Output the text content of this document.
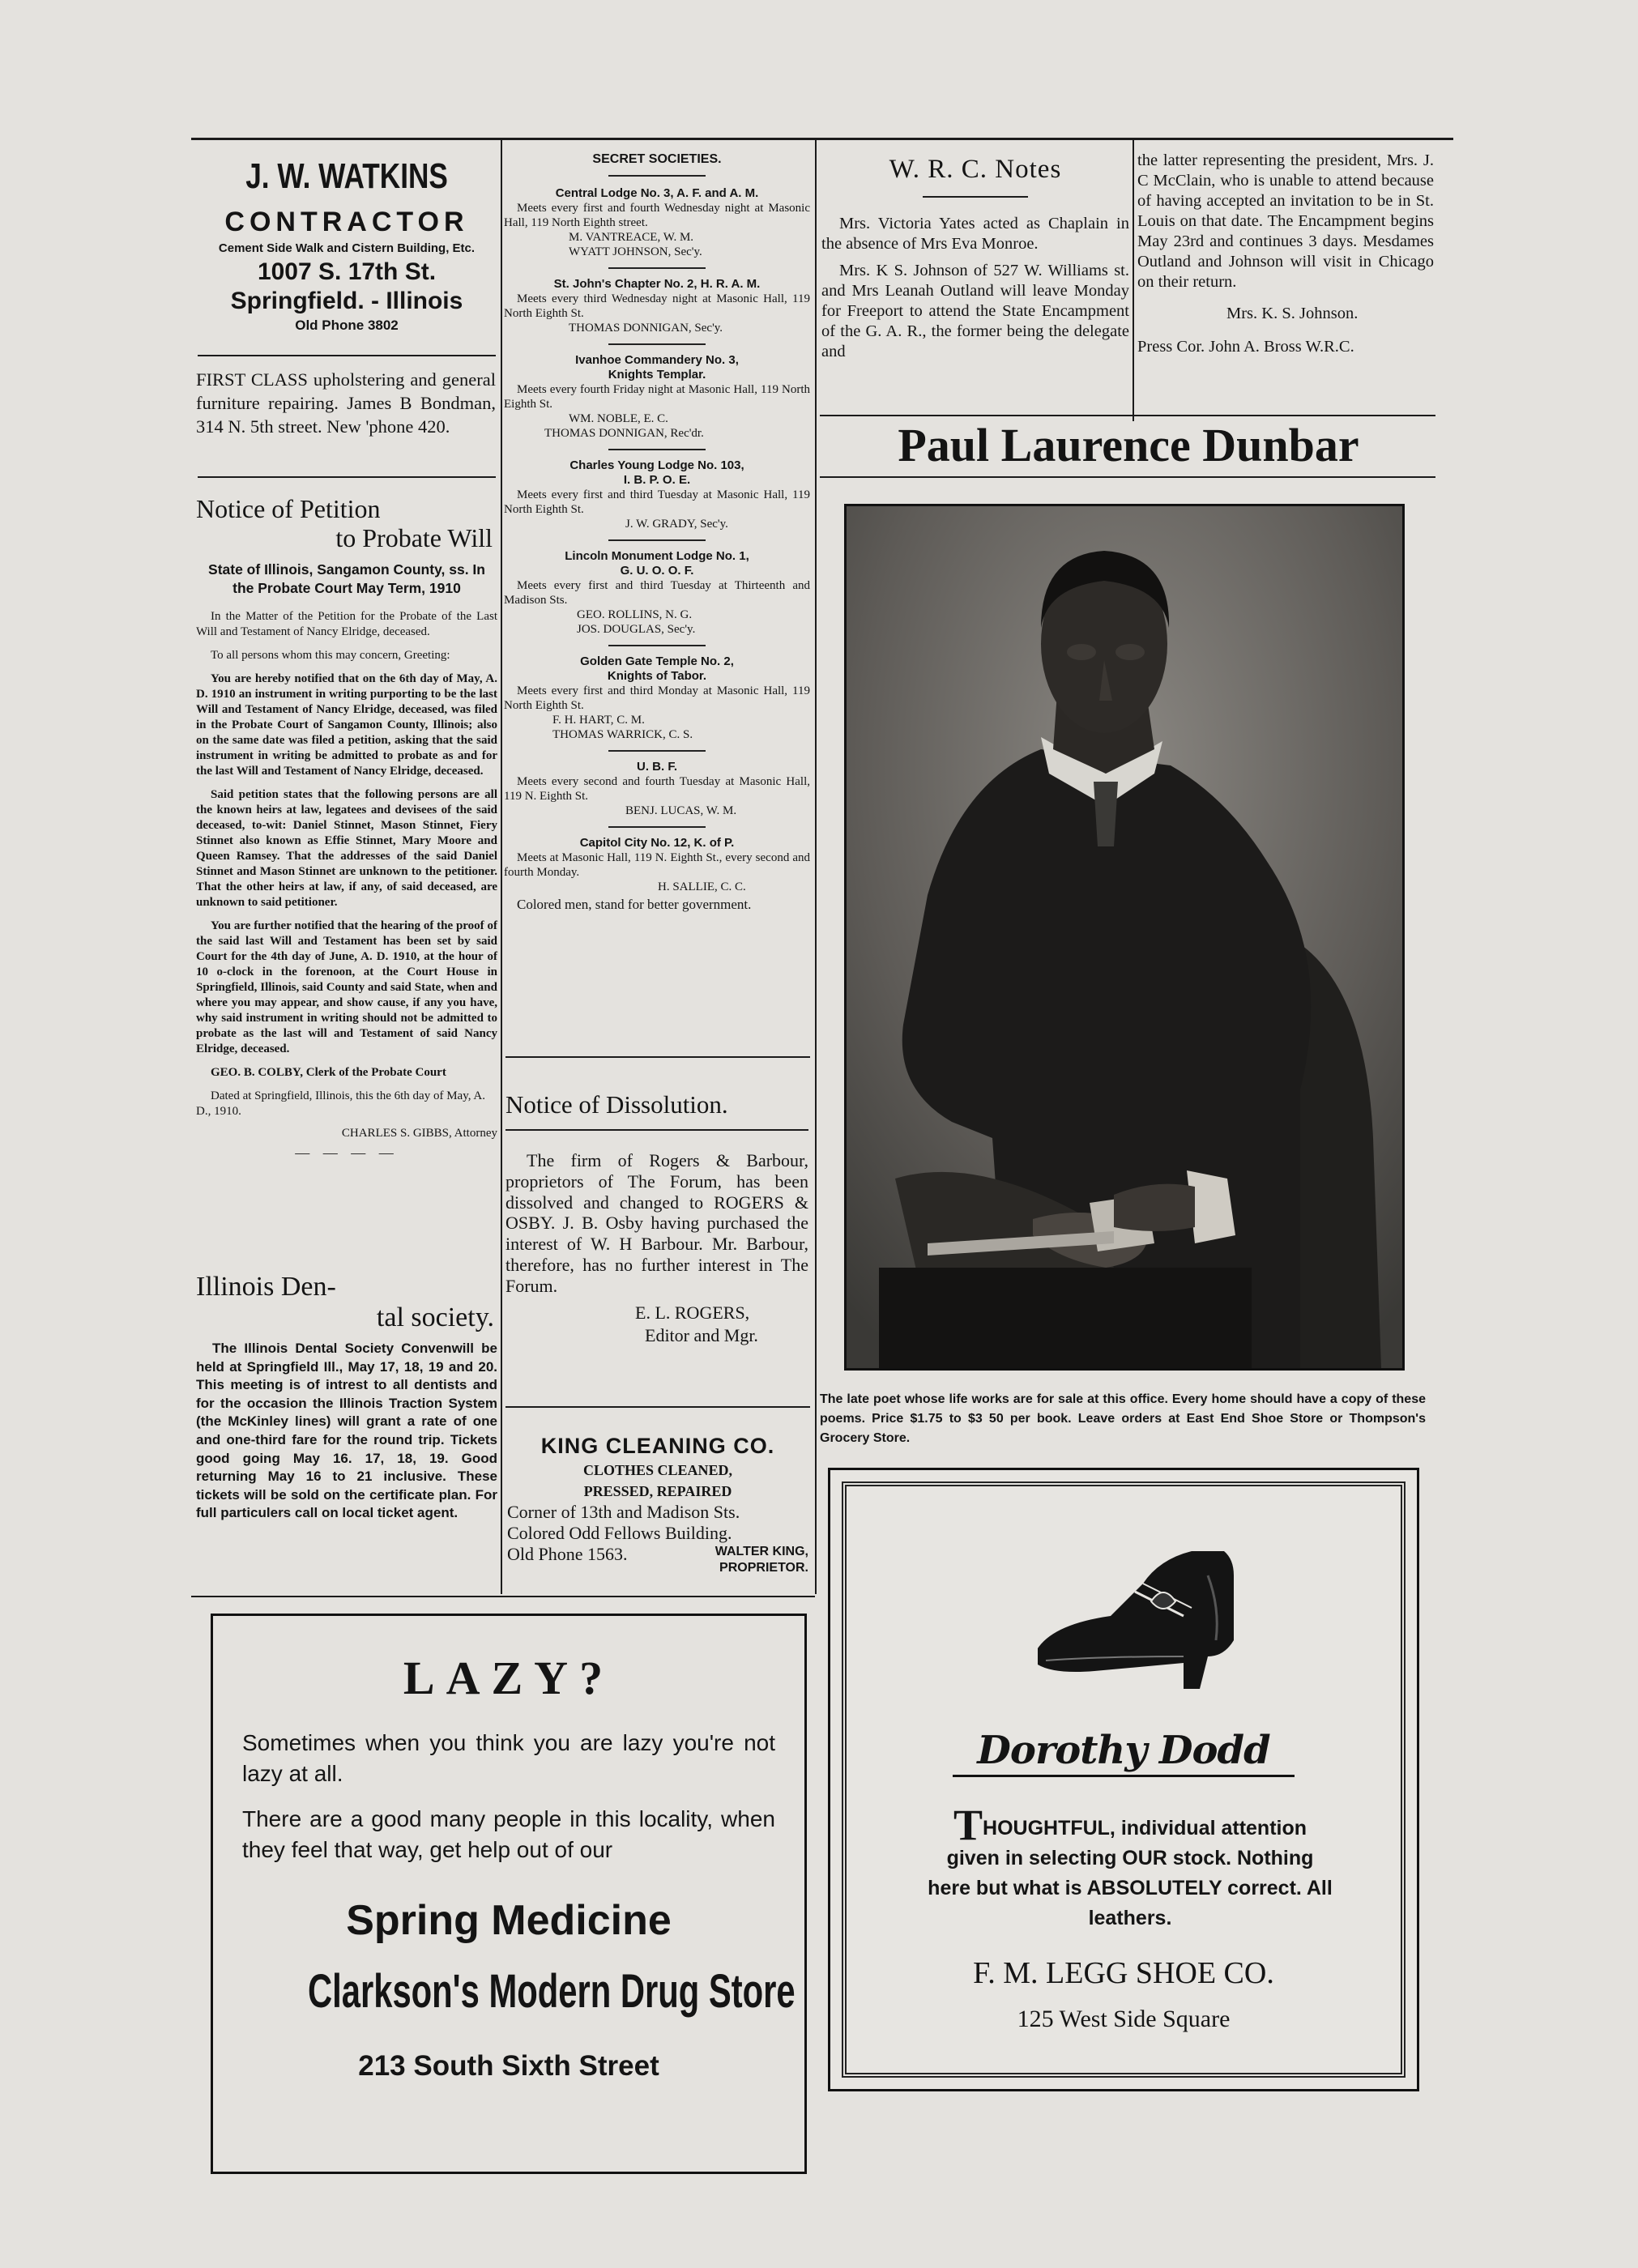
J. W. WATKINS
CONTRACTOR
Cement Side Walk and Cistern Building, Etc.
1007 S. 17th St.
Springfield. - Illinois
Old Phone 3802

FIRST CLASS upholstering and general furniture repairing. James B Bondman, 314 N. 5th street. New 'phone 420.

Notice of Petition
to Probate Will
State of Illinois, Sangamon County, ss. In the Probate Court May Term, 1910

In the Matter of the Petition for the Probate of the Last Will and Testament of Nancy Elridge, deceased.

To all persons whom this may concern, Greeting:

You are hereby notified that on the 6th day of May, A. D. 1910 an instrument in writing purporting to be the last Will and Testament of Nancy Elridge, deceased, was filed in the Probate Court of Sangamon County, Illinois; also on the same date was filed a petition, asking that the said instrument in writing be admitted to probate as and for the last Will and Testament of Nancy Elridge, deceased.

Said petition states that the following persons are all the known heirs at law, legatees and devisees of the said deceased, to-wit: Daniel Stinnet, Mason Stinnet, Fiery Stinnet also known as Effie Stinnet, Mary Moore and Queen Ramsey. That the addresses of the said Daniel Stinnet and Mason Stinnet are unknown to the petitioner. That the other heirs at law, if any, of said deceased, are unknown to said petitioner.

You are further notified that the hearing of the proof of the said last Will and Testament has been set by said Court for the 4th day of June, A. D. 1910, at the hour of 10 o-clock in the forenoon, at the Court House in Springfield, Illinois, said County and said State, when and where you may appear, and show cause, if any you have, why said instrument in writing should not be admitted to probate as the last will and Testament of said Nancy Elridge, deceased.

GEO. B. COLBY, Clerk of the Probate Court

Dated at Springfield, Illinois, this the 6th day of May, A. D., 1910.

CHARLES S. GIBBS, Attorney

— — — —
Illinois Den-
tal society.

The Illinois Dental Society Convenwill be held at Springfield Ill., May 17, 18, 19 and 20. This meeting is of intrest to all dentists and for the occasion the Illinois Traction System (the McKinley lines) will grant a rate of one and one-third fare for the round trip. Tickets good going May 16. 17, 18, 19. Good returning May 16 to 21 inclusive. These tickets will be sold on the certificate plan. For full particulers call on local ticket agent.

SECRET SOCIETIES.
Central Lodge No. 3, A. F. and A. M.

Meets every first and fourth Wednesday night at Masonic Hall, 119 North Eighth street.

M. VANTREACE, W. M.
WYATT JOHNSON, Sec'y.
St. John's Chapter No. 2, H. R. A. M.

Meets every third Wednesday night at Masonic Hall, 119 North Eighth St.

THOMAS DONNIGAN, Sec'y.
Ivanhoe Commandery No. 3, Knights Templar.

Meets every fourth Friday night at Masonic Hall, 119 North Eighth St.

WM. NOBLE, E. C.
THOMAS DONNIGAN, Rec'dr.
Charles Young Lodge No. 103, I. B. P. O. E.

Meets every first and third Tuesday at Masonic Hall, 119 North Eighth St.

J. W. GRADY, Sec'y.
Lincoln Monument Lodge No. 1, G. U. O. O. F.

Meets every first and third Tuesday at Thirteenth and Madison Sts.

GEO. ROLLINS, N. G.
JOS. DOUGLAS, Sec'y.
Golden Gate Temple No. 2, Knights of Tabor.

Meets every first and third Monday at Masonic Hall, 119 North Eighth St.

F. H. HART, C. M.
THOMAS WARRICK, C. S.
U. B. F.

Meets every second and fourth Tuesday at Masonic Hall, 119 N. Eighth St.

BENJ. LUCAS, W. M.
Capitol City No. 12, K. of P.

Meets at Masonic Hall, 119 N. Eighth St., every second and fourth Monday.

H. SALLIE, C. C.

Colored men, stand for better government.

Notice of Dissolution.

The firm of Rogers & Barbour, proprietors of The Forum, has been dissolved and changed to ROGERS & OSBY. J. B. Osby having purchased the interest of W. H Barbour. Mr. Barbour, therefore, has no further interest in The Forum.

E. L. ROGERS,
Editor and Mgr.
KING CLEANING CO.
CLOTHES CLEANED,
PRESSED, REPAIRED
Corner of 13th and Madison Sts.
Colored Odd Fellows Building.
Old Phone 1563.	WALTER KING,
PROPRIETOR.
W. R. C. Notes

Mrs. Victoria Yates acted as Chaplain in the absence of Mrs Eva Monroe.

Mrs. K S. Johnson of 527 W. Williams st. and Mrs Leanah Outland will leave Monday for Freeport to attend the State Encampment of the G. A. R., the former being the delegate and

the latter representing the president, Mrs. J. C McClain, who is unable to attend because of having accepted an invitation to be in St. Louis on that date. The Encampment begins May 23rd and continues 3 days. Mesdames Outland and Johnson will visit in Chicago on their return.

Mrs. K. S. Johnson.
Press Cor. John A. Bross W.R.C.
Paul Laurence Dunbar

The late poet whose life works are for sale at this office. Every home should have a copy of these poems. Price $1.75 to $3 50 per book. Leave orders at East End Shoe Store or Thompson's Grocery Store.

LAZY?

Sometimes when you think you are lazy you're not lazy at all.

There are a good many people in this locality, when they feel that way, get help out of our

Spring Medicine
Clarkson's Modern Drug Store
213 South Sixth Street
Dorothy Dodd
THOUGHTFUL, individual attention given in selecting OUR stock. Nothing here but what is ABSOLUTELY correct. All leathers.
F. M. LEGG SHOE CO.
125 West Side Square
